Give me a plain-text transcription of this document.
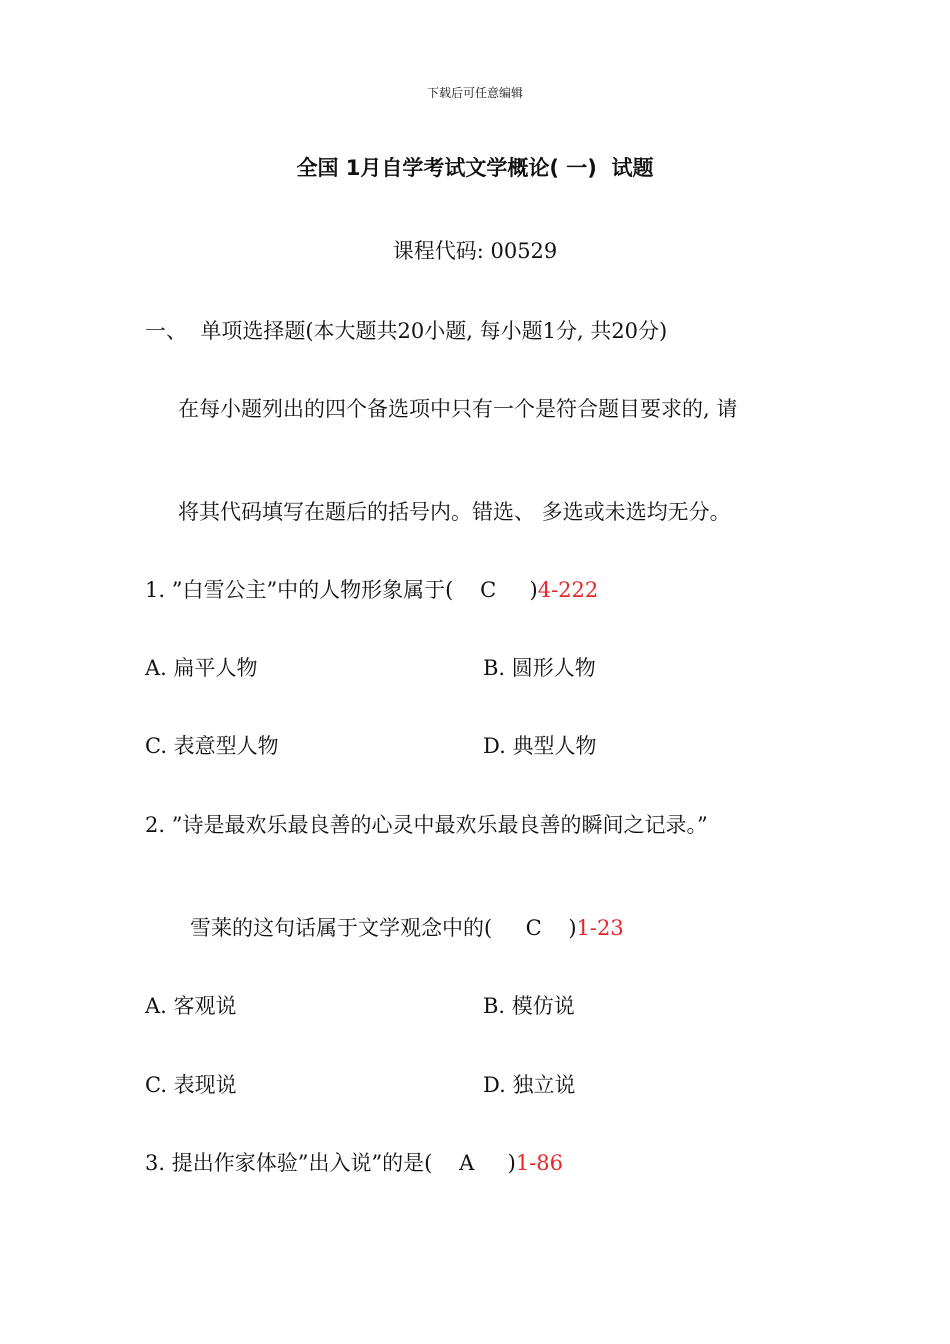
下载后可任意编辑
全国 1月自学考试文学概论( 一)  试题
课程代码: 00529
一、  单项选择题(本大题共20小题, 每小题1分, 共20分)
在每小题列出的四个备选项中只有一个是符合题目要求的, 请
将其代码填写在题后的括号内。错选、 多选或未选均无分。
1. ”白雪公主”中的人物形象属于(    C     )4-222
A. 扁平人物	B. 圆形人物
C. 表意型人物	D. 典型人物
2. ”诗是最欢乐最良善的心灵中最欢乐最良善的瞬间之记录。”
雪莱的这句话属于文学观念中的(     C    )1-23
A. 客观说	B. 模仿说
C. 表现说	D. 独立说
3. 提出作家体验”出入说”的是(    A     )1-86
